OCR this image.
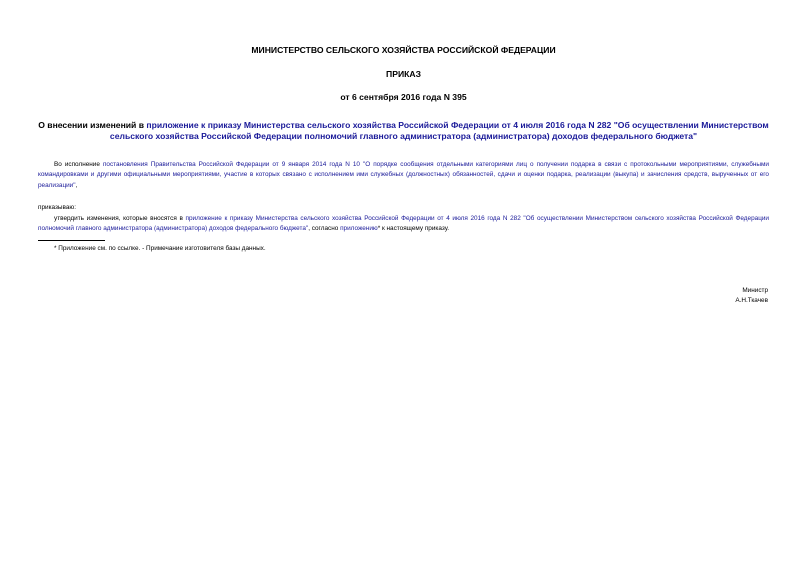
МИНИСТЕРСТВО СЕЛЬСКОГО ХОЗЯЙСТВА РОССИЙСКОЙ ФЕДЕРАЦИИ
ПРИКАЗ
от 6 сентября 2016 года N 395
О внесении изменений в приложение к приказу Министерства сельского хозяйства Российской Федерации от 4 июля 2016 года N 282 "Об осуществлении Министерством сельского хозяйства Российской Федерации полномочий главного администратора (администратора) доходов федерального бюджета"
Во исполнение постановления Правительства Российской Федерации от 9 января 2014 года N 10 "О порядке сообщения отдельными категориями лиц о получении подарка в связи с протокольными мероприятиями, служебными командировками и другими официальными мероприятиями, участие в которых связано с исполнением ими служебных (должностных) обязанностей, сдачи и оценки подарка, реализации (выкупа) и зачисления средств, вырученных от его реализации",
приказываю:
утвердить изменения, которые вносятся в приложение к приказу Министерства сельского хозяйства Российской Федерации от 4 июля 2016 года N 282 "Об осуществлении Министерством сельского хозяйства Российской Федерации полномочий главного администратора (администратора) доходов федерального бюджета", согласно приложению* к настоящему приказу.
* Приложение см. по ссылке. - Примечание изготовителя базы данных.
Министр
А.Н.Ткачев
